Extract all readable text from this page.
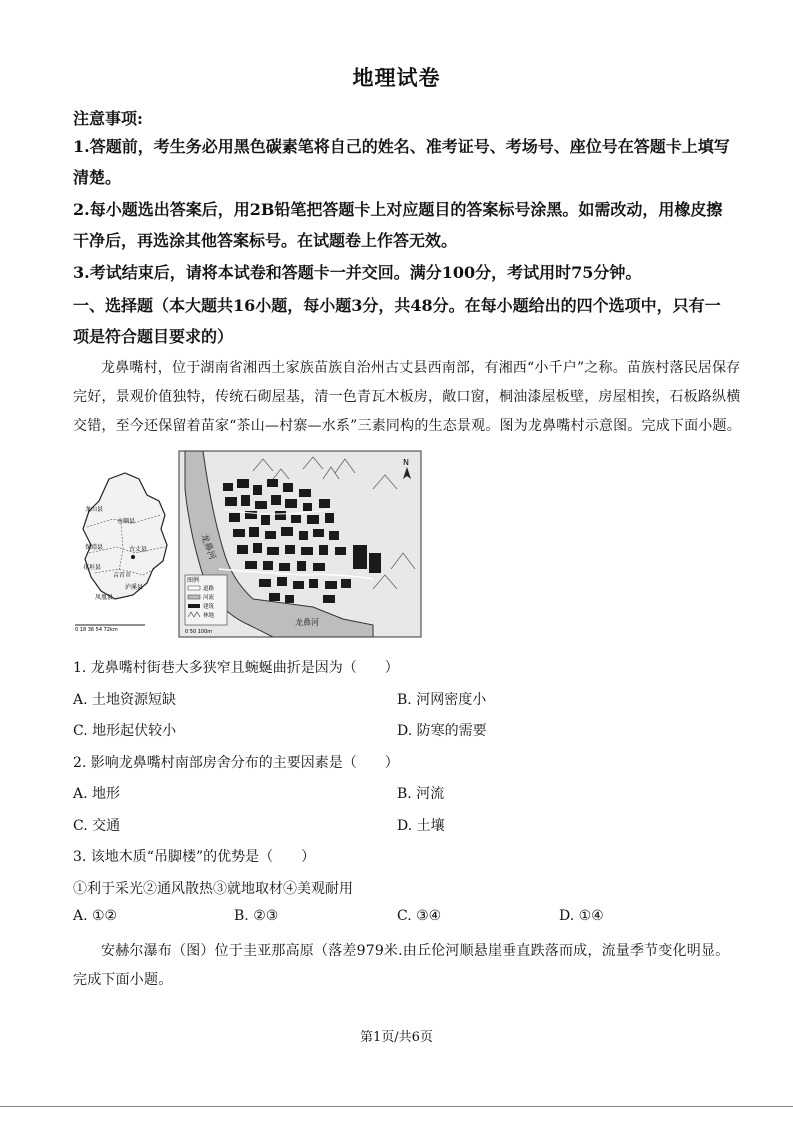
地理试卷
注意事项:
1.答题前，考生务必用黑色碳素笔将自己的姓名、准考证号、考场号、座位号在答题卡上填写清楚。
2.每小题选出答案后，用2B铅笔把答题卡上对应题目的答案标号涂黑。如需改动，用橡皮擦干净后，再选涂其他答案标号。在试题卷上作答无效。
3.考试结束后，请将本试卷和答题卡一并交回。满分100分，考试用时75分钟。
一、选择题（本大题共16小题，每小题3分，共48分。在每小题给出的四个选项中，只有一项是符合题目要求的）
龙鼻嘴村，位于湖南省湘西土家族苗族自治州古丈县西南部，有湘西“小千户”之称。苗族村落民居保存完好，景观价值独特，传统石砌屋基，清一色青瓦木板房，敞口窗，桐油漆屋板壁，房屋相挨，石板路纵横交错，至今还保留着苗家“茶山—村寨—水系”三素同构的生态景观。图为龙鼻嘴村示意图。完成下面小题。
龙山县
永顺县
保靖县	古丈县
花垣县
吉首市
泸溪县
凤凰县
0 18 36 54 72km
龙鼻河
龙鼻河
N
图例
道路
河流
建筑
林地
0 50 100m
1. 龙鼻嘴村街巷大多狭窄且蜿蜒曲折是因为（　　）
A. 土地资源短缺	B. 河网密度小
C. 地形起伏较小	D. 防寒的需要
2. 影响龙鼻嘴村南部房舍分布的主要因素是（　　）
A. 地形	B. 河流
C. 交通	D. 土壤
3. 该地木质“吊脚楼”的优势是（　　）
①利于采光②通风散热③就地取材④美观耐用
A. ①②	B. ②③	C. ③④	D. ①④
安赫尔瀑布（图）位于圭亚那高原（落差979米.由丘伦河顺悬崖垂直跌落而成，流量季节变化明显。完成下面小题。
第1页/共6页
